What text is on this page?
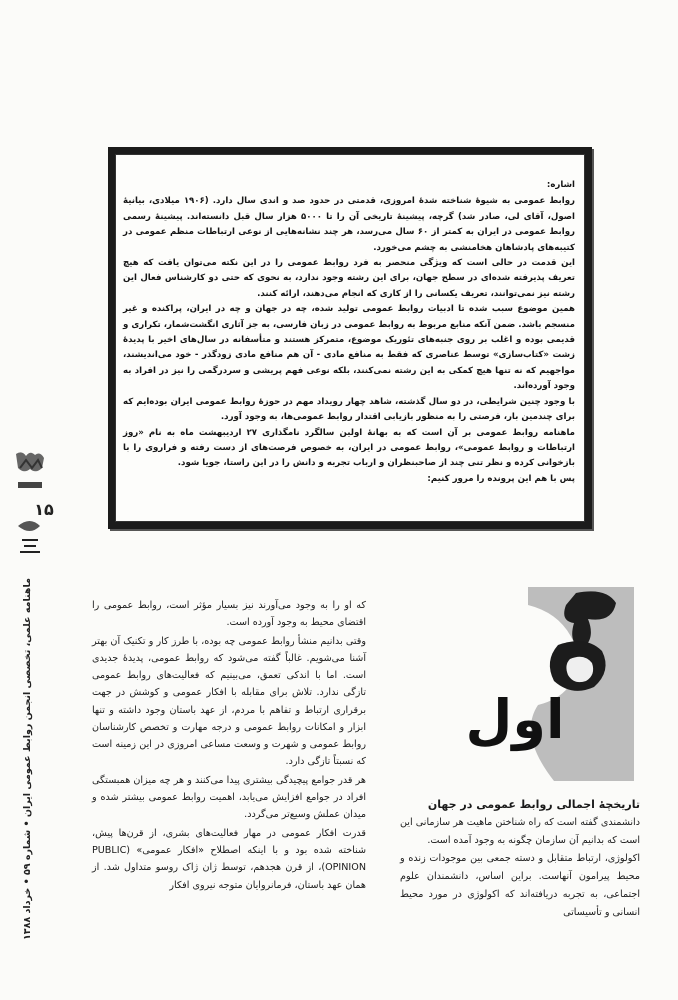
اشاره:

روابط عمومی به شیوهٔ شناخته شدهٔ امروزی، قدمتی در حدود صد و اندی سال دارد. (۱۹۰۶ میلادی، بیانیهٔ اصول، آقای لی، صادر شد) گرچه، پیشینهٔ تاریخی آن را تا ۵۰۰۰ هزار سال قبل دانسته‌اند. پیشینهٔ رسمی روابط عمومی در ایران به کمتر از ۶۰ سال می‌رسد، هر چند نشانه‌هایی از نوعی ارتباطات منظم عمومی در کتیبه‌های پادشاهان هخامنشی به چشم می‌خورد.

این قدمت در حالی است که ویژگی منحصر به فرد روابط عمومی را در این نکته می‌توان یافت که هیچ تعریف پذیرفته شده‌ای در سطح جهان، برای این رشته وجود ندارد، به نحوی که حتی دو کارشناس فعال این رشته نیز نمی‌توانند، تعریف یکسانی را از کاری که انجام می‌دهند، ارائه کنند.

همین موضوع سبب شده تا ادبیات روابط عمومی تولید شده، چه در جهان و چه در ایران، پراکنده و غیر منسجم باشد. ضمن آنکه منابع مربوط به روابط عمومی در زبان فارسی، به جز آثاری انگشت‌شمار، تکراری و قدیمی بوده و اغلب بر روی جنبه‌های تئوریک موضوع، متمرکز هستند و متأسفانه در سال‌های اخیر با پدیدهٔ زشت «کتاب‌سازی» توسط عناصری که فقط به منافع مادی - آن هم منافع مادی زودگذر - خود می‌اندیشند، مواجهیم که نه تنها هیچ کمکی به این رشته نمی‌کنند، بلکه نوعی فهم پریشی و سردرگمی را نیز در افراد به وجود آورده‌اند.

با وجود چنین شرایطی، در دو سال گذشته، شاهد چهار رویداد مهم در حوزهٔ روابط عمومی ایران بوده‌ایم که برای چندمین بار، فرصتی را به منظور بازیابی اقتدار روابط عمومی‌ها، به وجود آورد.

ماهنامه روابط عمومی بر آن است که به بهانهٔ اولین سالگرد نامگذاری ۲۷ اردیبهشت ماه به نام «روز ارتباطات و روابط عمومی»، روابط عمومی در ایران، به خصوص فرصت‌های از دست رفته و فراروی را با بازخوانی کرده و نظر تنی چند از صاحبنظران و ارباب تجربه و دانش را در این راستا، جویا شود.

پس با هم این پرونده را مرور کنیم:

۱۵
ماهنامه علمی، تخصصی انجمن روابط عمومی ایران • شماره ۵۹ • خرداد ۱۳۸۸	اول

که او را به وجود می‌آورند نیز بسیار مؤثر است، روابط عمومی را اقتضای محیط به وجود آورده است.

وقتی بدانیم منشأ روابط عمومی چه بوده، با طرز کار و تکنیک آن بهتر آشنا می‌شویم. غالباً گفته می‌شود که روابط عمومی، پدیدهٔ جدیدی است. اما با اندکی تعمق، می‌بینیم که فعالیت‌های روابط عمومی تازگی ندارد. تلاش برای مقابله با افکار عمومی و کوشش در جهت برقراری ارتباط و تفاهم با مردم، از عهد باستان وجود داشته و تنها ابزار و امکانات روابط عمومی و درجه مهارت و تخصص کارشناسان روابط عمومی و شهرت و وسعت مساعی امروزی در این زمینه است که نسبتاً تازگی دارد.

هر قدر جوامع پیچیدگی بیشتری پیدا می‌کنند و هر چه میزان همبستگی افراد در جوامع افزایش می‌یابد، اهمیت روابط عمومی بیشتر شده و میدان عملش وسیع‌تر می‌گردد.

قدرت افکار عمومی در مهار فعالیت‌های بشری، از قرن‌ها پیش، شناخته شده بود و با اینکه اصطلاح «افکار عمومی» (PUBLIC OPINION)، از قرن هجدهم، توسط ژان ژاک روسو متداول شد. از همان عهد باستان، فرمانروایان متوجه نیروی افکار

تاریخچهٔ اجمالی روابط عمومی در جهان

دانشمندی گفته است که راه شناختن ماهیت هر سازمانی این است که بدانیم آن سازمان چگونه به وجود آمده است.

اکولوژی، ارتباط متقابل و دسته جمعی بین موجودات زنده و محیط پیرامون آنهاست. براین اساس، دانشمندان علوم اجتماعی، به تجربه دریافته‌اند که اکولوژی در مورد محیط انسانی و تأسیساتی
